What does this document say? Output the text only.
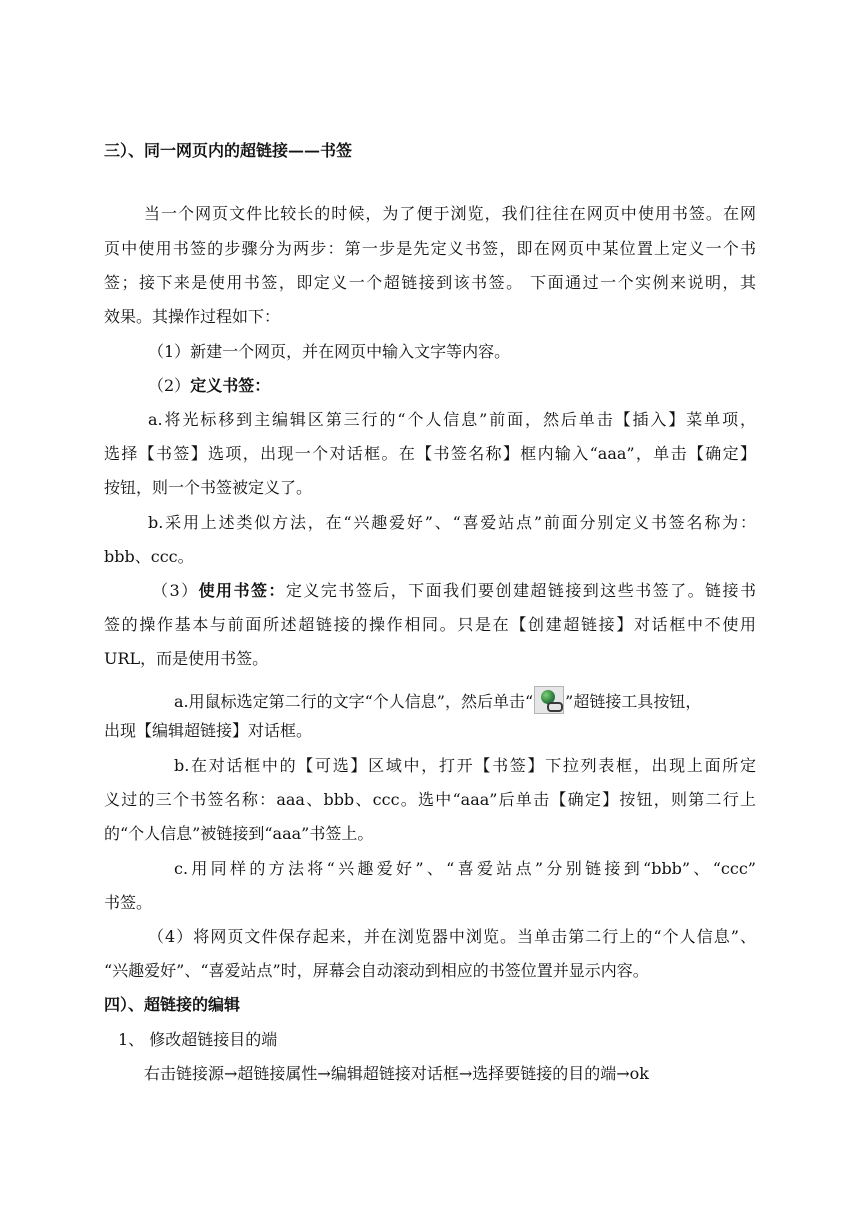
三）、同一网页内的超链接——书签
当一个网页文件比较长的时候，为了便于浏览，我们往往在网页中使用书签。在网
页中使用书签的步骤分为两步：第一步是先定义书签，即在网页中某位置上定义一个书
签；接下来是使用书签，即定义一个超链接到该书签。 下面通过一个实例来说明，其
效果。其操作过程如下：
（1）新建一个网页，并在网页中输入文字等内容。
（2）定义书签：
a.将光标移到主编辑区第三行的“个人信息”前面，然后单击【插入】菜单项，
选择【书签】选项，出现一个对话框。在【书签名称】框内输入“aaa”，单击【确定】
按钮，则一个书签被定义了。
b.采用上述类似方法，在“兴趣爱好”、“喜爱站点”前面分别定义书签名称为：
bbb、ccc。
（3）使用书签：定义完书签后，下面我们要创建超链接到这些书签了。链接书
签的操作基本与前面所述超链接的操作相同。只是在【创建超链接】对话框中不使用
URL，而是使用书签。
a.用鼠标选定第二行的文字“个人信息”，然后单击“ ”超链接工具按钮，
出现【编辑超链接】对话框。
b.在对话框中的【可选】区域中，打开【书签】下拉列表框，出现上面所定
义过的三个书签名称：aaa、bbb、ccc。选中“aaa”后单击【确定】按钮，则第二行上
的“个人信息”被链接到“aaa”书签上。
c.用同样的方法将“兴趣爱好”、“喜爱站点”分别链接到“bbb”、“ccc”
书签。
（4）将网页文件保存起来，并在浏览器中浏览。当单击第二行上的“个人信息”、
“兴趣爱好”、“喜爱站点”时，屏幕会自动滚动到相应的书签位置并显示内容。
四）、超链接的编辑
1、 修改超链接目的端
右击链接源→超链接属性→编辑超链接对话框→选择要链接的目的端→ok
